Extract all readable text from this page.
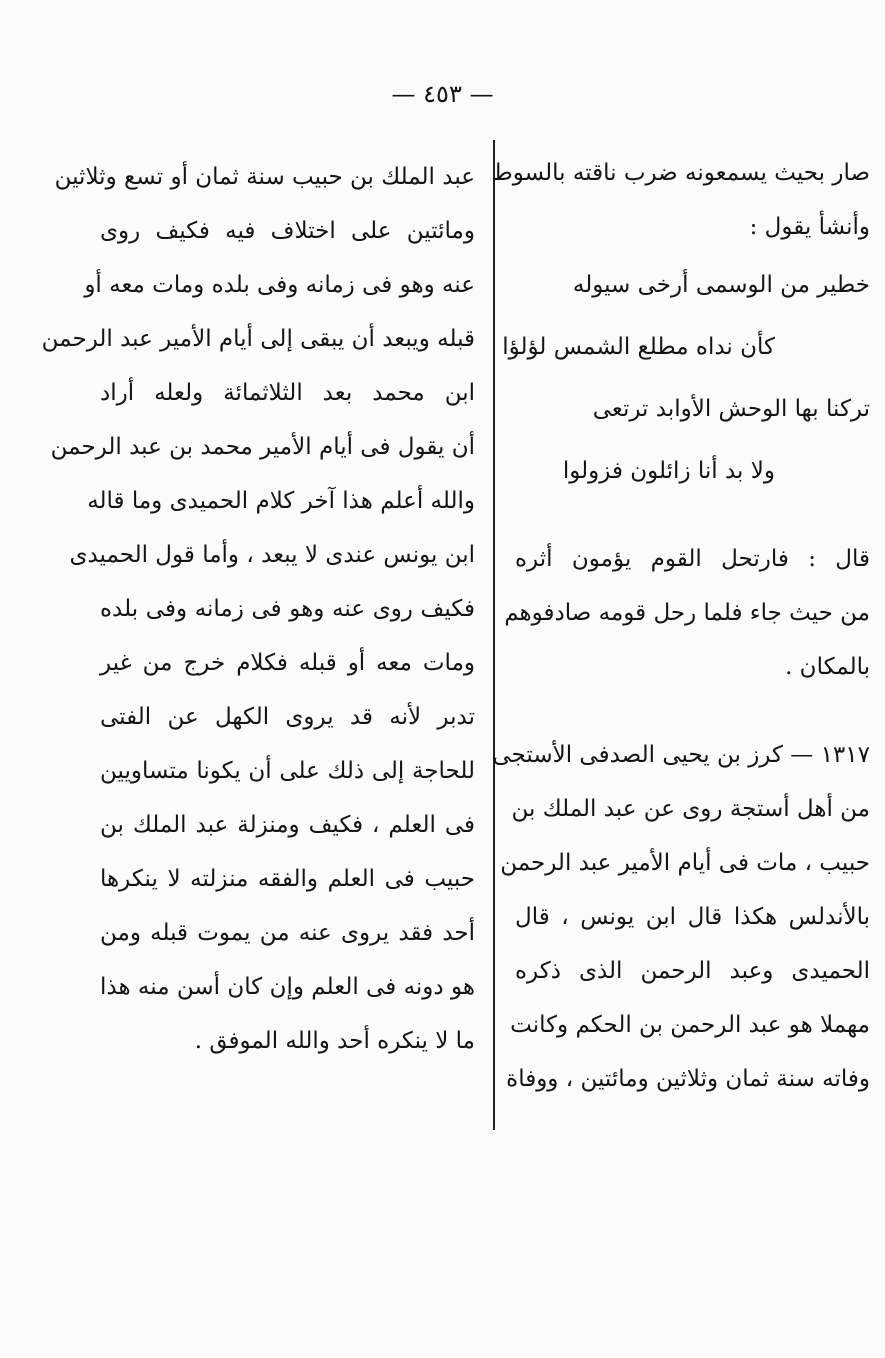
— ٤٥٣ —
صار بحيث يسمعونه ضرب ناقته بالسوط
وأنشأ يقول :
خطير من الوسمى أرخى سيوله
كأن نداه مطلع الشمس لؤلؤا
تركنا بها الوحش الأوابد ترتعى
ولا بد أنا زائلون فزولوا
قال : فارتحل القوم يؤمون أثره
من حيث جاء فلما رحل قومه صادفوهم
بالمكان .
١٣١٧ — كرز بن يحيى الصدفى الأستجى
من أهل أستجة روى عن عبد الملك بن
حبيب ، مات فى أيام الأمير عبد الرحمن
بالأندلس هكذا قال ابن يونس ، قال
الحميدى وعبد الرحمن الذى ذكره
مهملا هو عبد الرحمن بن الحكم وكانت
وفاته سنة ثمان وثلاثين ومائتين ، ووفاة
عبد الملك بن حبيب سنة ثمان أو تسع وثلاثين
ومائتين على اختلاف فيه فكيف روى
عنه وهو فى زمانه وفى بلده ومات معه أو
قبله ويبعد أن يبقى إلى أيام الأمير عبد الرحمن
ابن محمد بعد الثلاثمائة ولعله أراد
أن يقول فى أيام الأمير محمد بن عبد الرحمن
والله أعلم هذا آخر كلام الحميدى وما قاله
ابن يونس عندى لا يبعد ، وأما قول الحميدى
فكيف روى عنه وهو فى زمانه وفى بلده
ومات معه أو قبله فكلام خرج من غير
تدبر لأنه قد يروى الكهل عن الفتى
للحاجة إلى ذلك على أن يكونا متساويين
فى العلم ، فكيف ومنزلة عبد الملك بن
حبيب فى العلم والفقه منزلته لا ينكرها
أحد فقد يروى عنه من يموت قبله ومن
هو دونه فى العلم وإن كان أسن منه هذا
ما لا ينكره أحد والله الموفق .
